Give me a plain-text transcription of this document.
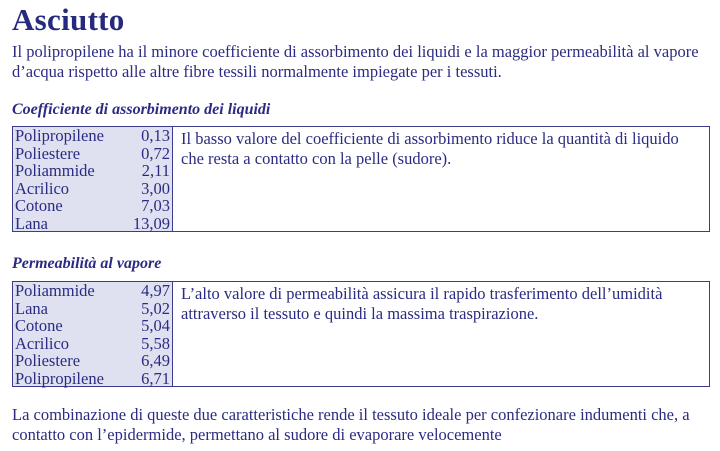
Asciutto
Il polipropilene ha il minore coefficiente di assorbimento dei liquidi e la maggior permeabilità al vapore d’acqua rispetto alle altre fibre tessili normalmente impiegate per i tessuti.
Coefficiente di assorbimento dei liquidi
Polipropilene 0,13
Poliestere	0,72
Poliammide	2,11
Acrilico	3,00
Cotone	7,03
Lana	13,09
Il basso valore del coefficiente di assorbimento riduce la quantità di liquido che resta a contatto con la pelle (sudore).
Permeabilità al vapore
Poliammide	4,97
Lana	5,02
Cotone	5,04
Acrilico	5,58
Poliestere	6,49
Polipropilene 6,71
L’alto valore di permeabilità assicura il rapido trasferimento dell’umidità attraverso il tessuto e quindi la massima traspirazione.
La combinazione di queste due caratteristiche rende il tessuto ideale per confezionare indumenti che, a contatto con l’epidermide, permettano al sudore di evaporare velocemente
